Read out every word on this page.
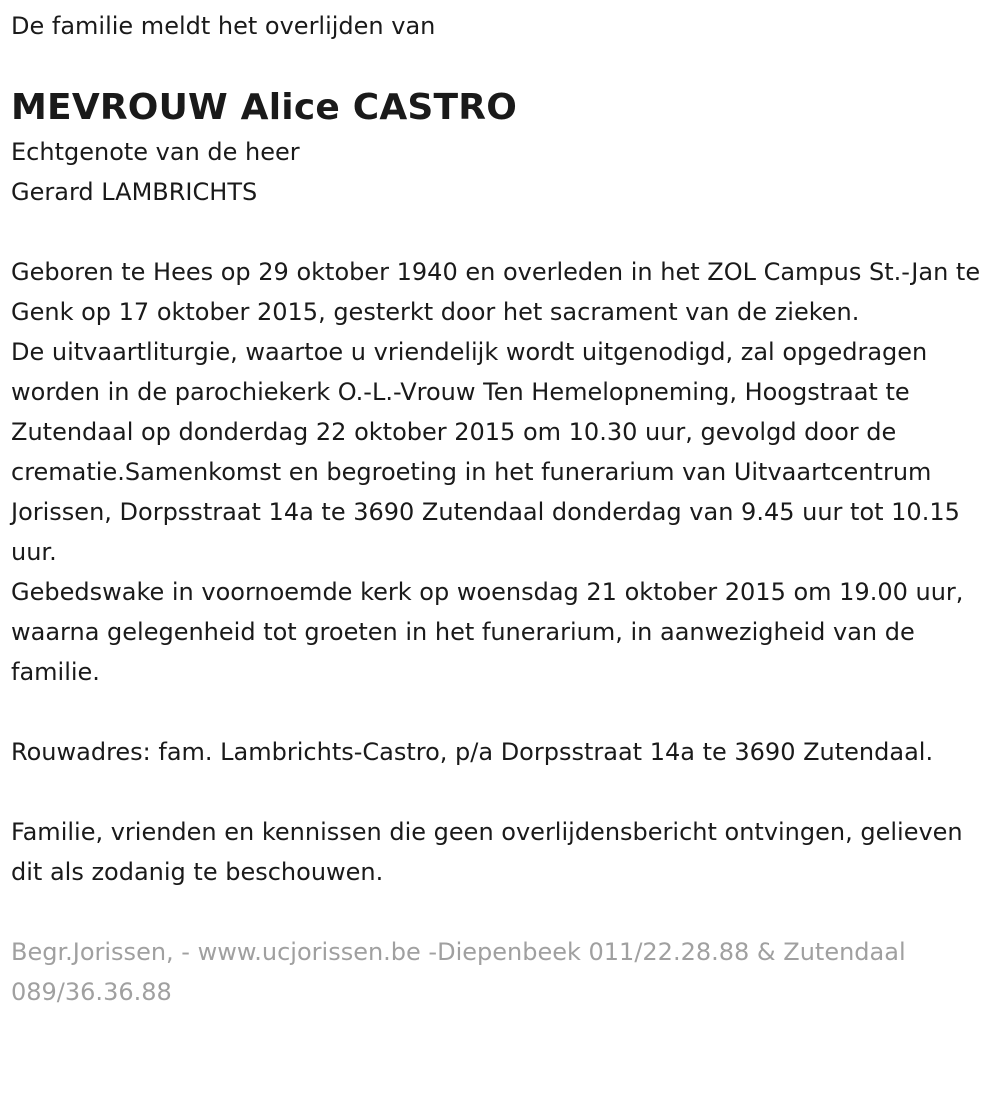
De familie meldt het overlijden van

MEVROUW Alice CASTRO

Echtgenote van de heer

Gerard LAMBRICHTS

Geboren te Hees op 29 oktober 1940 en overleden in het ZOL Campus St.-Jan te Genk op 17 oktober 2015, gesterkt door het sacrament van de zieken.

De uitvaartliturgie, waartoe u vriendelijk wordt uitgenodigd, zal opgedragen worden in de parochiekerk O.-L.-Vrouw Ten Hemelopneming, Hoogstraat te Zutendaal op donderdag 22 oktober 2015 om 10.30 uur, gevolgd door de crematie.Samenkomst en begroeting in het funerarium van Uitvaartcentrum Jorissen, Dorpsstraat 14a te 3690 Zutendaal donderdag van 9.45 uur tot 10.15 uur.

Gebedswake in voornoemde kerk op woensdag 21 oktober 2015 om 19.00 uur, waarna gelegenheid tot groeten in het funerarium, in aanwezigheid van de familie.

Rouwadres: fam. Lambrichts-Castro, p/a Dorpsstraat 14a te 3690 Zutendaal.

Familie, vrienden en kennissen die geen overlijdensbericht ontvingen, gelieven dit als zodanig te beschouwen.

Begr.Jorissen, - www.ucjorissen.be -Diepenbeek 011/22.28.88 & Zutendaal 089/36.36.88
